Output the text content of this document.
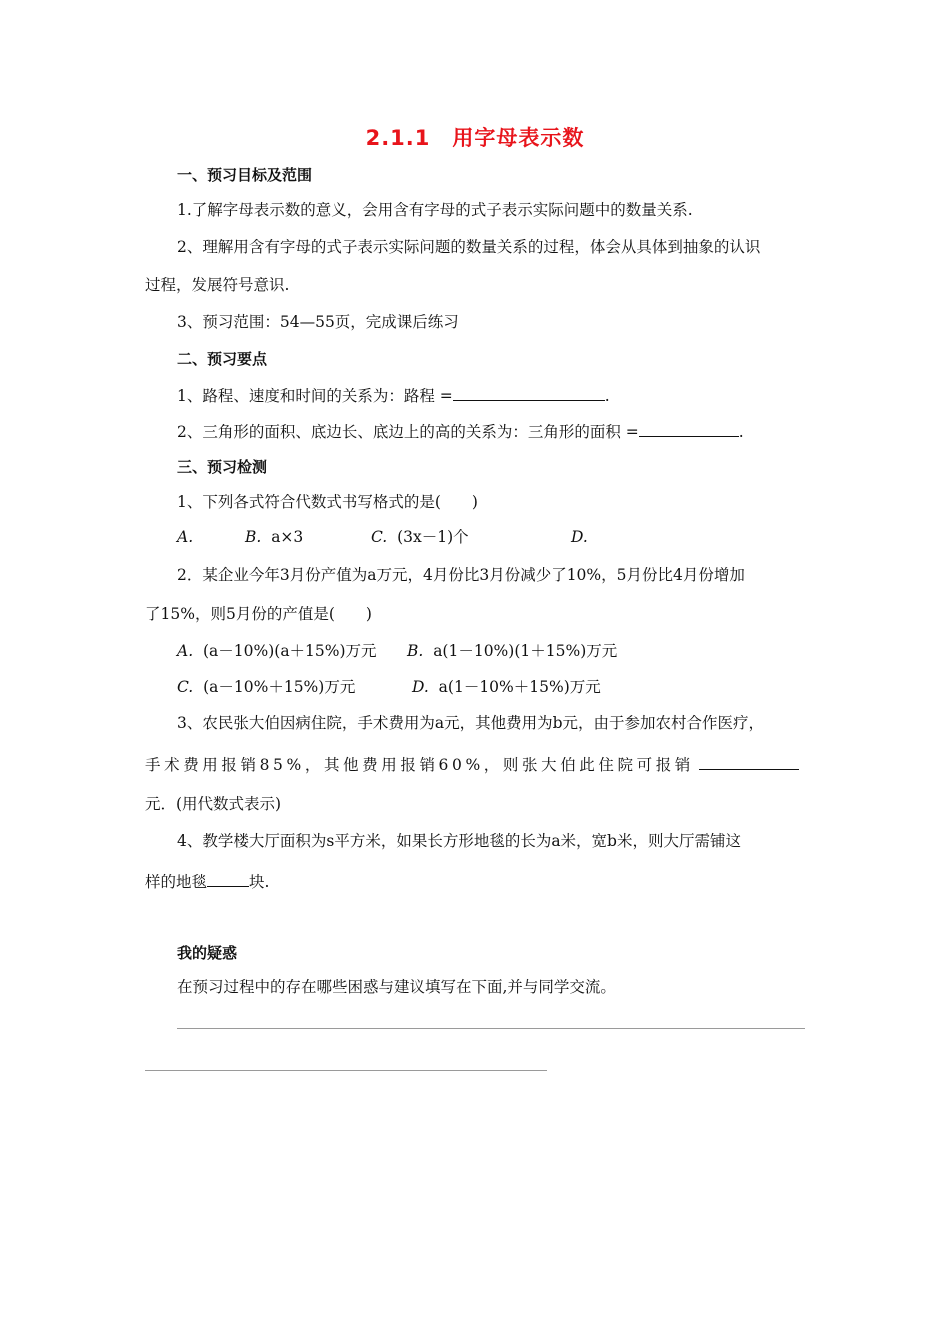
2.1.1　用字母表示数
一、预习目标及范围
1.了解字母表示数的意义，会用含有字母的式子表示实际问题中的数量关系.
2、理解用含有字母的式子表示实际问题的数量关系的过程，体会从具体到抽象的认识
过程，发展符号意识.
3、预习范围：54—55页，完成课后练习
二、预习要点
1、路程、速度和时间的关系为：路程 =	.
2、三角形的面积、底边长、底边上的高的关系为：三角形的面积 =	.
三、预习检测
1、下列各式符合代数式书写格式的是(　　)
A.	B. a×3	C. (3x－1)个	D.
2．某企业今年3月份产值为a万元，4月份比3月份减少了10%，5月份比4月份增加
了15%，则5月份的产值是(　　)
A. (a－10%)(a＋15%)万元 B. a(1－10%)(1＋15%)万元
C. (a－10%＋15%)万元	D. a(1－10%＋15%)万元
3、农民张大伯因病住院，手术费用为a元，其他费用为b元，由于参加农村合作医疗，
手术费用报销85%，其他费用报销60%，则张大伯此住院可报销
元．(用代数式表示)
4、教学楼大厅面积为s平方米，如果长方形地毯的长为a米，宽b米，则大厅需铺这
样的地毯	块.
我的疑惑
在预习过程中的存在哪些困惑与建议填写在下面,并与同学交流。
